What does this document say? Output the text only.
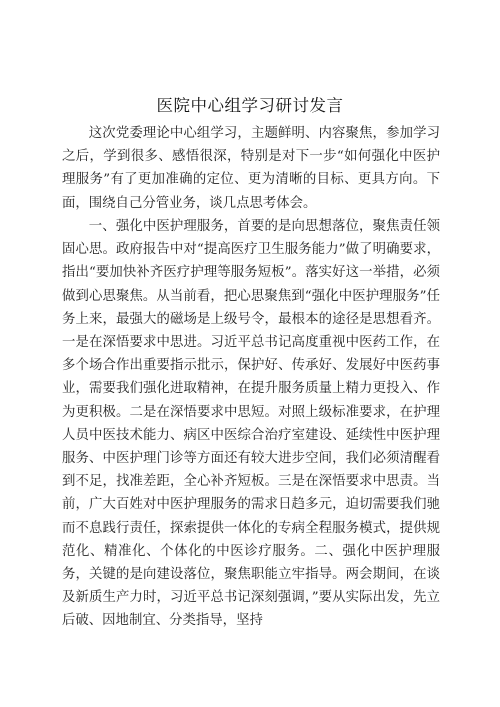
医院中心组学习研讨发言

这次党委理论中心组学习，主题鲜明、内容聚焦，参加学习之后，学到很多、感悟很深，特别是对下一步“如何强化中医护理服务”有了更加准确的定位、更为清晰的目标、更具方向。下面，围绕自己分管业务，谈几点思考体会。

一、强化中医护理服务，首要的是向思想落位，聚焦责任领固心思。政府报告中对“提高医疗卫生服务能力”做了明确要求，指出“要加快补齐医疗护理等服务短板”。落实好这一举措，必须做到心思聚焦。从当前看，把心思聚焦到“强化中医护理服务”任务上来，最强大的磁场是上级号令，最根本的途径是思想看齐。一是在深悟要求中思进。习近平总书记高度重视中医药工作，在多个场合作出重要指示批示，保护好、传承好、发展好中医药事业，需要我们强化进取精神，在提升服务质量上精力更投入、作为更积极。二是在深悟要求中思短。对照上级标准要求，在护理人员中医技术能力、病区中医综合治疗室建设、延续性中医护理服务、中医护理门诊等方面还有较大进步空间，我们必须清醒看到不足，找准差距，全心补齐短板。三是在深悟要求中思责。当前，广大百姓对中医护理服务的需求日趋多元，迫切需要我们驰而不息践行责任，探索提供一体化的专病全程服务模式，提供规范化、精准化、个体化的中医诊疗服务。二、强化中医护理服务，关键的是向建设落位，聚焦职能立牢指导。两会期间，在谈及新质生产力时，习近平总书记深刻强调，”要从实际出发，先立后破、因地制宜、分类指导，坚持
